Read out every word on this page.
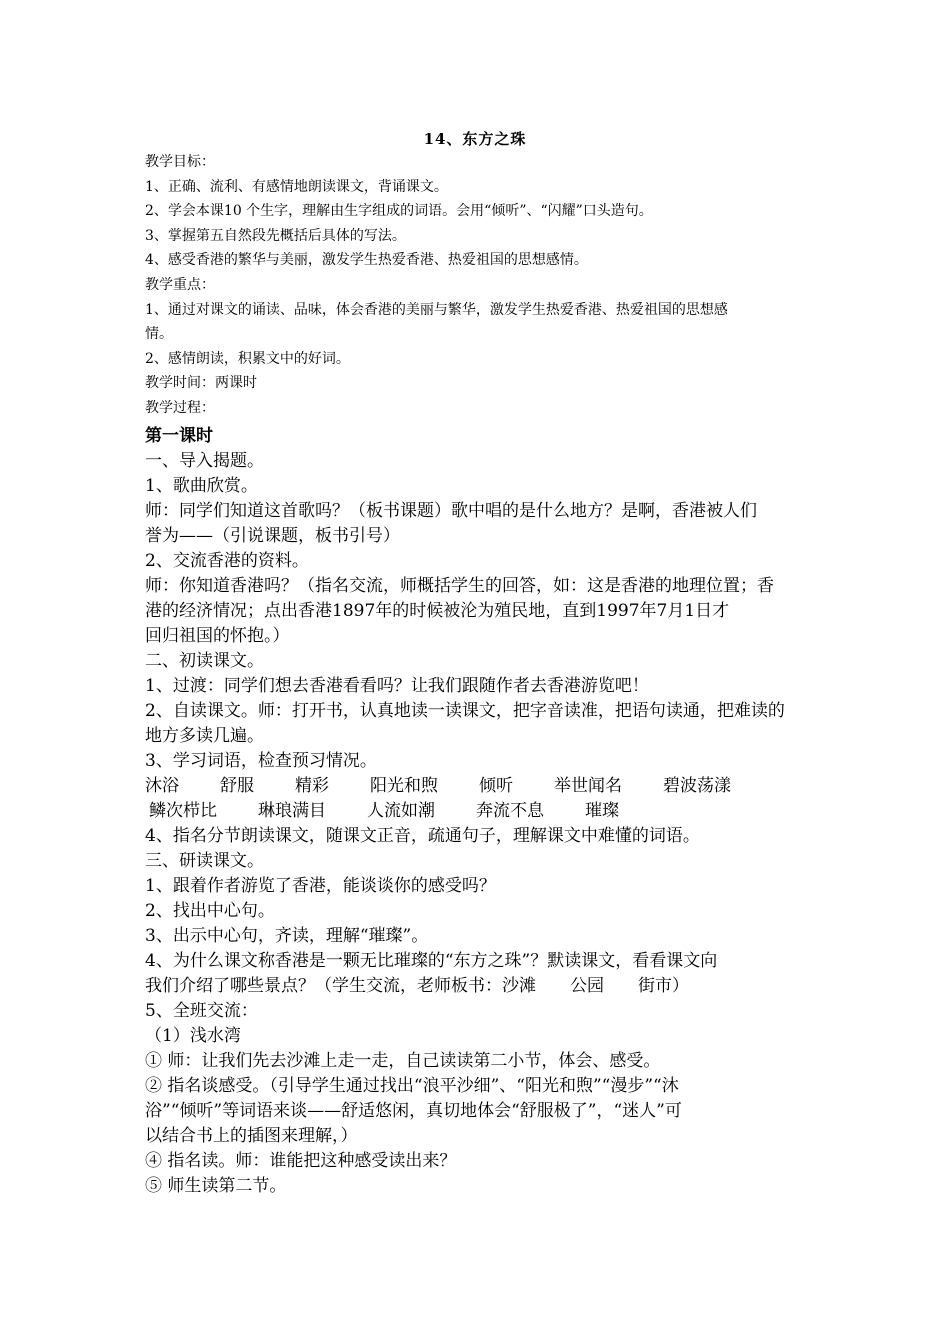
14、东方之珠

教学目标：

1、正确、流利、有感情地朗读课文，背诵课文。

2、学会本课10 个生字，理解由生字组成的词语。会用“倾听”、“闪耀”口头造句。

3、掌握第五自然段先概括后具体的写法。

4、感受香港的繁华与美丽，激发学生热爱香港、热爱祖国的思想感情。

教学重点：

1、通过对课文的诵读、品味，体会香港的美丽与繁华，激发学生热爱香港、热爱祖国的思想感

情。

2、感情朗读，积累文中的好词。

教学时间：两课时

教学过程：

第一课时

一、导入揭题。

1、歌曲欣赏。

师：同学们知道这首歌吗？（板书课题）歌中唱的是什么地方？是啊，香港被人们

誉为——（引说课题，板书引号）

2、交流香港的资料。

师：你知道香港吗？（指名交流，师概括学生的回答，如：这是香港的地理位置；香

港的经济情况；点出香港1897年的时候被沦为殖民地，直到1997年7月1日才

回归祖国的怀抱。）

二、初读课文。

1、过渡：同学们想去香港看看吗？让我们跟随作者去香港游览吧！

2、自读课文。师：打开书，认真地读一读课文，把字音读准，把语句读通，把难读的

地方多读几遍。

3、学习词语，检查预习情况。

沐浴 舒服 精彩 阳光和煦 倾听 举世闻名 碧波荡漾
鳞次栉比 琳琅满目 人流如潮 奔流不息 璀璨

4、指名分节朗读课文，随课文正音，疏通句子，理解课文中难懂的词语。

三、研读课文。

1、跟着作者游览了香港，能谈谈你的感受吗？

2、找出中心句。

3、出示中心句，齐读，理解“璀璨”。

4、为什么课文称香港是一颗无比璀璨的“东方之珠”？默读课文，看看课文向

我们介绍了哪些景点？（学生交流，老师板书：沙滩　　公园　　街市）

5、全班交流：

（1）浅水湾

① 师：让我们先去沙滩上走一走，自己读读第二小节，体会、感受。

② 指名谈感受。（引导学生通过找出“浪平沙细”、“阳光和煦”“漫步”“沐

浴”“倾听”等词语来谈——舒适悠闲，真切地体会“舒服极了”，“迷人”可

以结合书上的插图来理解，）

④ 指名读。师：谁能把这种感受读出来？

⑤ 师生读第二节。
